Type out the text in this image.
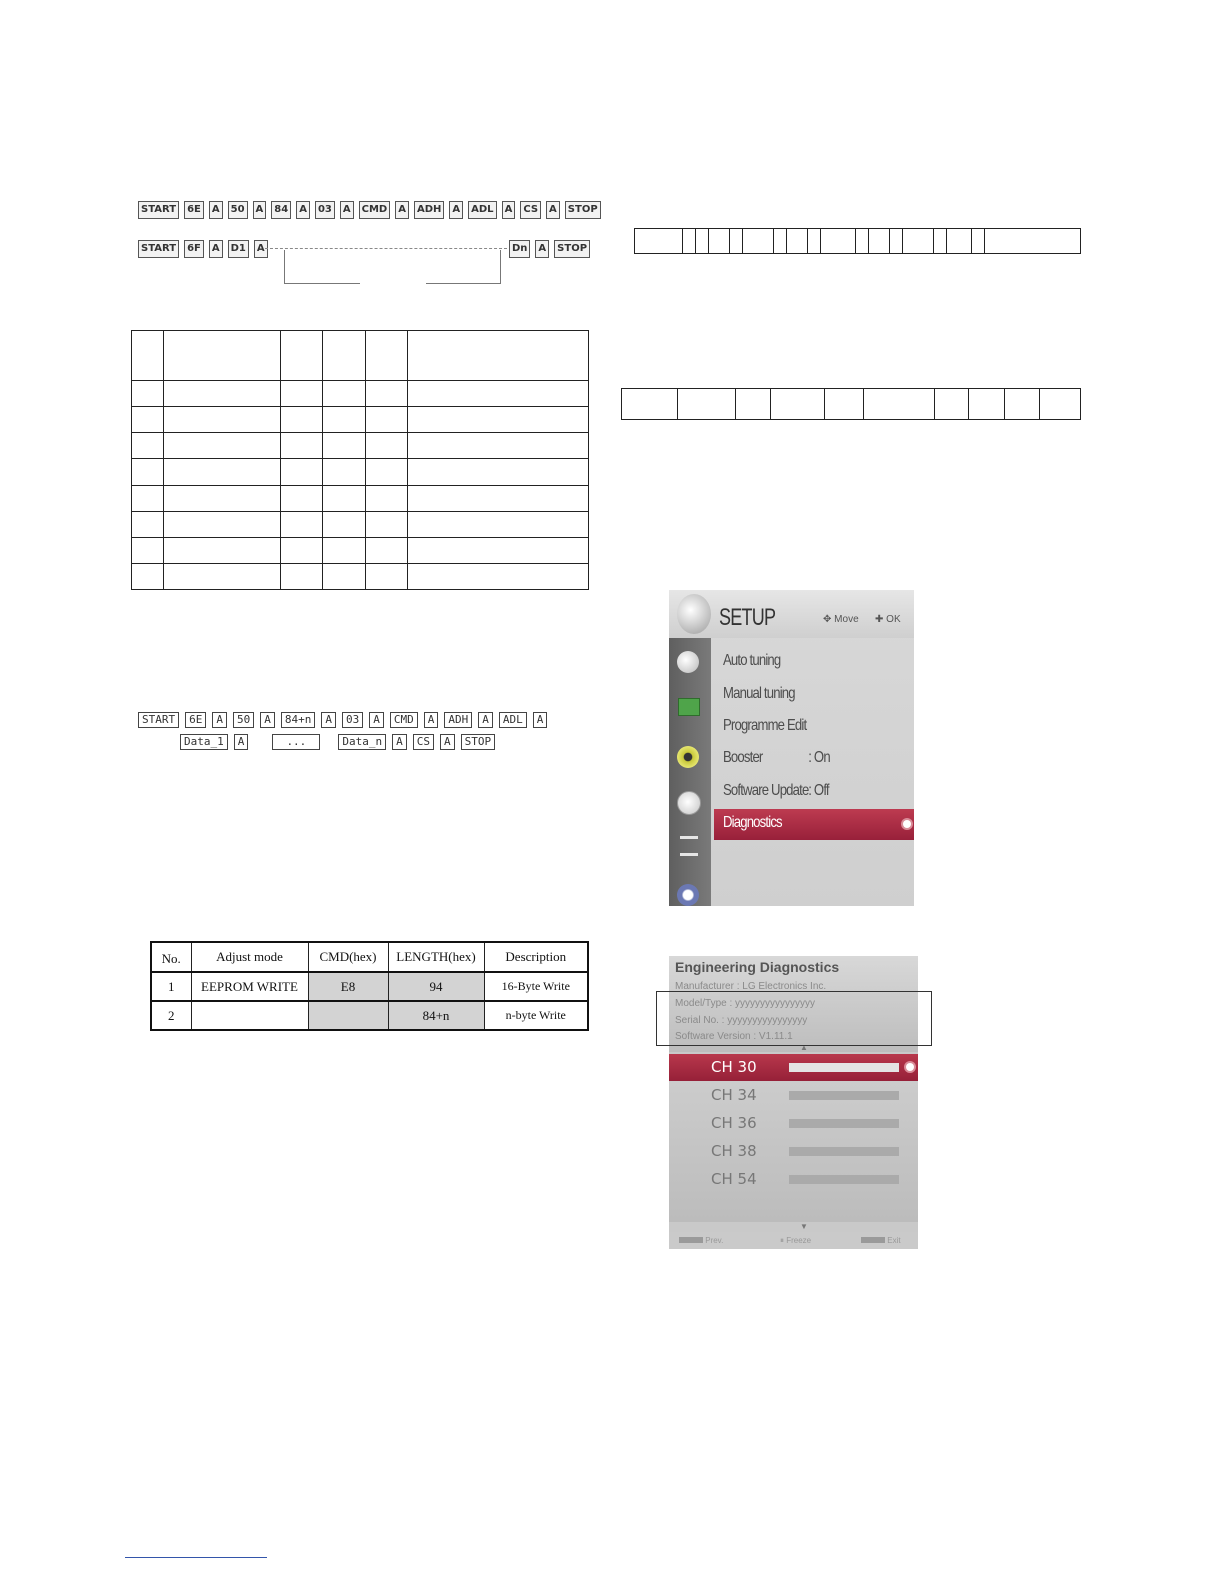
START	6E	A	50	A	84	A	03	A	CMD	A	ADH	A	ADL	A	CS	A	STOP
START	6F	A	D1	A	Dn	A	STOP

START	6E	A	50	A	84+n	A	03	A	CMD	A	ADH	A	ADL	A
Data_1	A	...	Data_n	A	CS	A	STOP
No.	Adjust mode	CMD(hex)	LENGTH(hex)	Description
1	EEPROM WRITE	E8	94	16-Byte Write
2			84+n	n-byte Write

SETUP	✥ Move ✚ OK
Auto tuning
Manual tuning
Programme Edit
Booster	: On
Software Update : Off
Diagnostics
Engineering Diagnostics
Manufacturer : LG Electronics Inc.
Model/Type : yyyyyyyyyyyyyyyy
Serial No. : yyyyyyyyyyyyyyyy
Software Version : V1.11.1
▲
CH 30
CH 34
CH 36
CH 38
CH 54
▼
Prev.	⏸ Freeze	Exit
